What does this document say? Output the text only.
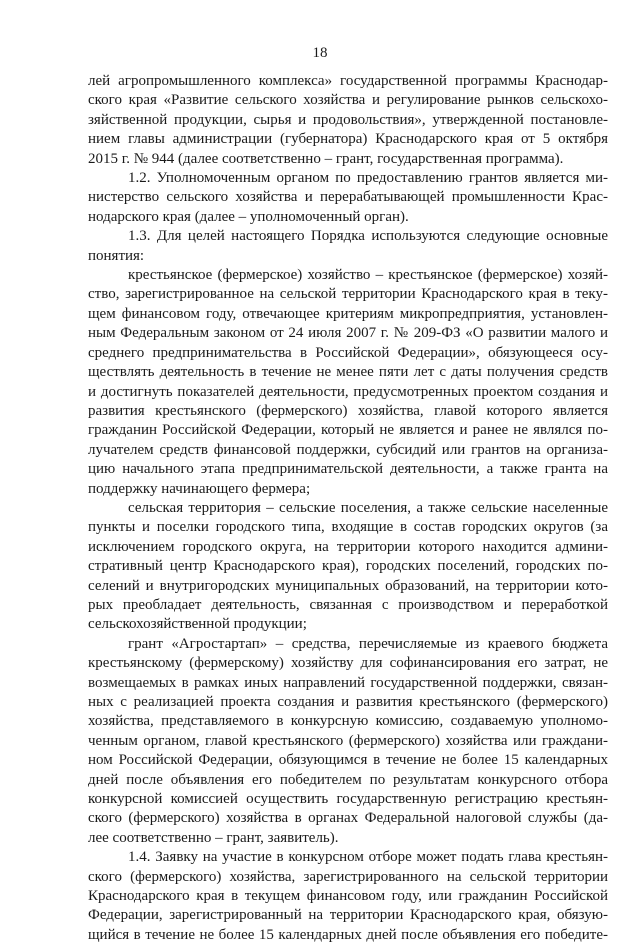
18

лей агропромышленного комплекса» государственной программы Краснодар-
ского края «Развитие сельского хозяйства и регулирование рынков сельскохо-
зяйственной продукции, сырья и продовольствия», утвержденной постановле-
нием главы администрации (губернатора) Краснодарского края от 5 октября
2015 г. № 944 (далее соответственно – грант, государственная программа).

1.2. Уполномоченным органом по предоставлению грантов является ми-
нистерство сельского хозяйства и перерабатывающей промышленности Крас-
нодарского края (далее – уполномоченный орган).

1.3. Для целей настоящего Порядка используются следующие основные
понятия:

крестьянское (фермерское) хозяйство – крестьянское (фермерское) хозяй-
ство, зарегистрированное на сельской территории Краснодарского края в теку-
щем финансовом году, отвечающее критериям микропредприятия, установлен-
ным Федеральным законом от 24 июля 2007 г. № 209-ФЗ «О развитии малого и
среднего предпринимательства в Российской Федерации», обязующееся осу-
ществлять деятельность в течение не менее пяти лет с даты получения средств
и достигнуть показателей деятельности, предусмотренных проектом создания и
развития крестьянского (фермерского) хозяйства, главой которого является
гражданин Российской Федерации, который не является и ранее не являлся по-
лучателем средств финансовой поддержки, субсидий или грантов на организа-
цию начального этапа предпринимательской деятельности, а также гранта на
поддержку начинающего фермера;

сельская территория – сельские поселения, а также сельские населенные
пункты и поселки городского типа, входящие в состав городских округов (за
исключением городского округа, на территории которого находится админи-
стративный центр Краснодарского края), городских поселений, городских по-
селений и внутригородских муниципальных образований, на территории кото-
рых преобладает деятельность, связанная с производством и переработкой
сельскохозяйственной продукции;

грант «Агростартап» – средства, перечисляемые из краевого бюджета
крестьянскому (фермерскому) хозяйству для софинансирования его затрат, не
возмещаемых в рамках иных направлений государственной поддержки, связан-
ных с реализацией проекта создания и развития крестьянского (фермерского)
хозяйства, представляемого в конкурсную комиссию, создаваемую уполномо-
ченным органом, главой крестьянского (фермерского) хозяйства или граждани-
ном Российской Федерации, обязующимся в течение не более 15 календарных
дней после объявления его победителем по результатам конкурсного отбора
конкурсной комиссией осуществить государственную регистрацию крестьян-
ского (фермерского) хозяйства в органах Федеральной налоговой службы (да-
лее соответственно – грант, заявитель).

1.4. Заявку на участие в конкурсном отборе может подать глава крестьян-
ского (фермерского) хозяйства, зарегистрированного на сельской территории
Краснодарского края в текущем финансовом году, или гражданин Российской
Федерации, зарегистрированный на территории Краснодарского края, обязую-
щийся в течение не более 15 календарных дней после объявления его победите-
